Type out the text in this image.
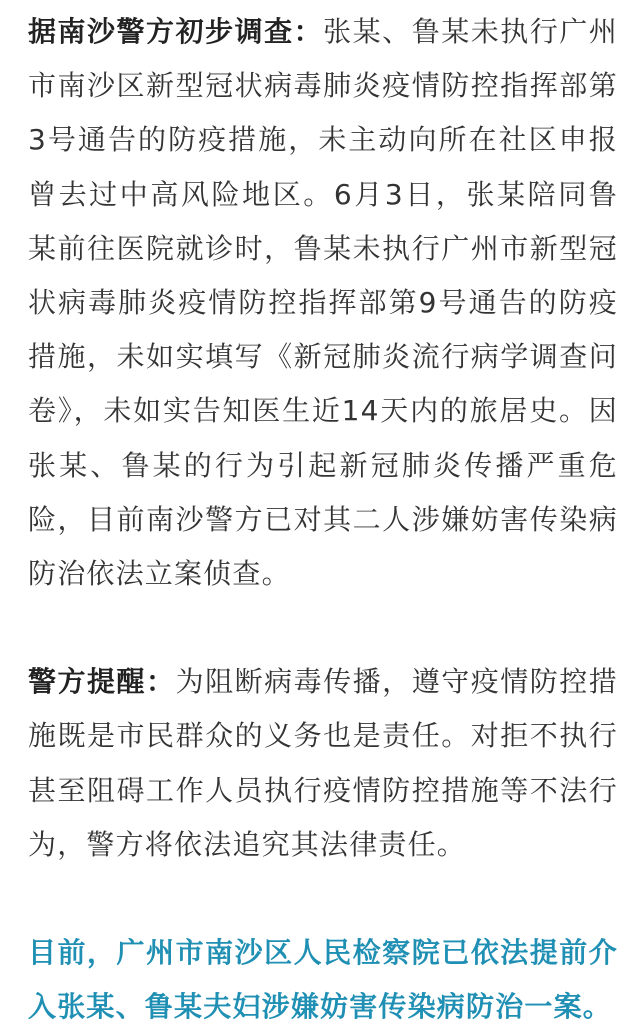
据南沙警方初步调查：张某、鲁某未执行广州市南沙区新型冠状病毒肺炎疫情防控指挥部第3号通告的防疫措施，未主动向所在社区申报曾去过中高风险地区。6月3日，张某陪同鲁某前往医院就诊时，鲁某未执行广州市新型冠状病毒肺炎疫情防控指挥部第9号通告的防疫措施，未如实填写《新冠肺炎流行病学调查问卷》，未如实告知医生近14天内的旅居史。因张某、鲁某的行为引起新冠肺炎传播严重危险，目前南沙警方已对其二人涉嫌妨害传染病防治依法立案侦查。

警方提醒：为阻断病毒传播，遵守疫情防控措施既是市民群众的义务也是责任。对拒不执行甚至阻碍工作人员执行疫情防控措施等不法行为，警方将依法追究其法律责任。

目前，广州市南沙区人民检察院已依法提前介入张某、鲁某夫妇涉嫌妨害传染病防治一案。
